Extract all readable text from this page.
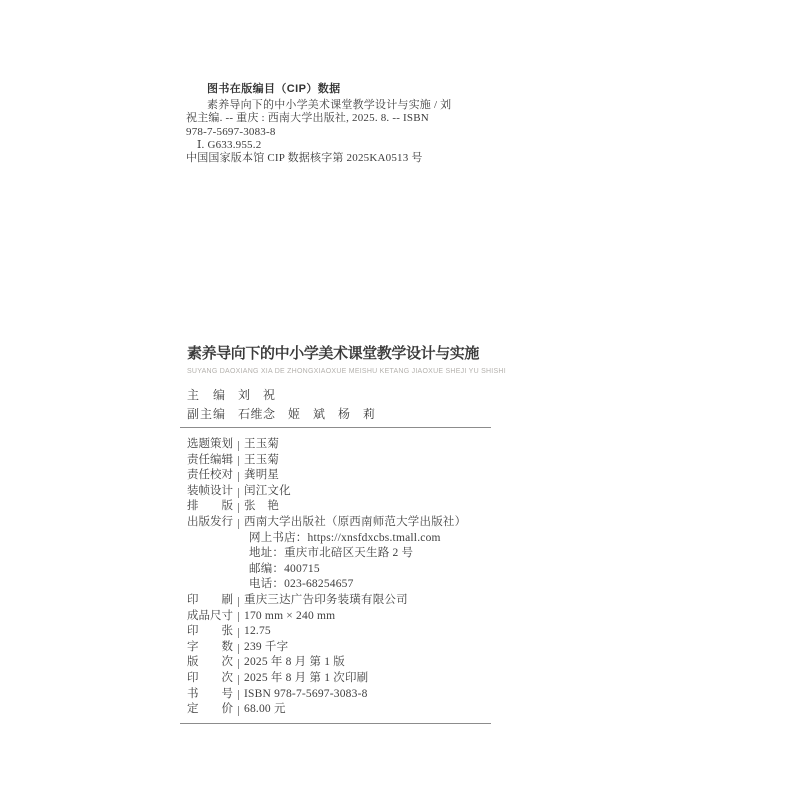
图书在版编目（CIP）数据
素养导向下的中小学美术课堂教学设计与实施 / 刘
祝主编. -- 重庆 : 西南大学出版社, 2025. 8. -- ISBN
978-7-5697-3083-8
Ⅰ. G633.955.2
中国国家版本馆 CIP 数据核字第 2025KA0513 号
素养导向下的中小学美术课堂教学设计与实施
SUYANG DAOXIANG XIA DE ZHONGXIAOXUE MEISHU KETANG JIAOXUE SHEJI YU SHISHI
主编 刘　祝
副主编 石维念　姬　斌　杨　莉
选题策划 王玉菊
责任编辑 王玉菊
责任校对 龚明星
装帧设计 闰江文化
排版 张　艳
出版发行 西南大学出版社（原西南师范大学出版社）
网上书店：https://xnsfdxcbs.tmall.com
地址：重庆市北碚区天生路 2 号
邮编：400715
电话：023-68254657
印刷 重庆三达广告印务装璜有限公司
成品尺寸 170 mm × 240 mm
印张 12.75
字数 239 千字
版次 2025 年 8 月 第 1 版
印次 2025 年 8 月 第 1 次印刷
书号 ISBN 978-7-5697-3083-8
定价 68.00 元
